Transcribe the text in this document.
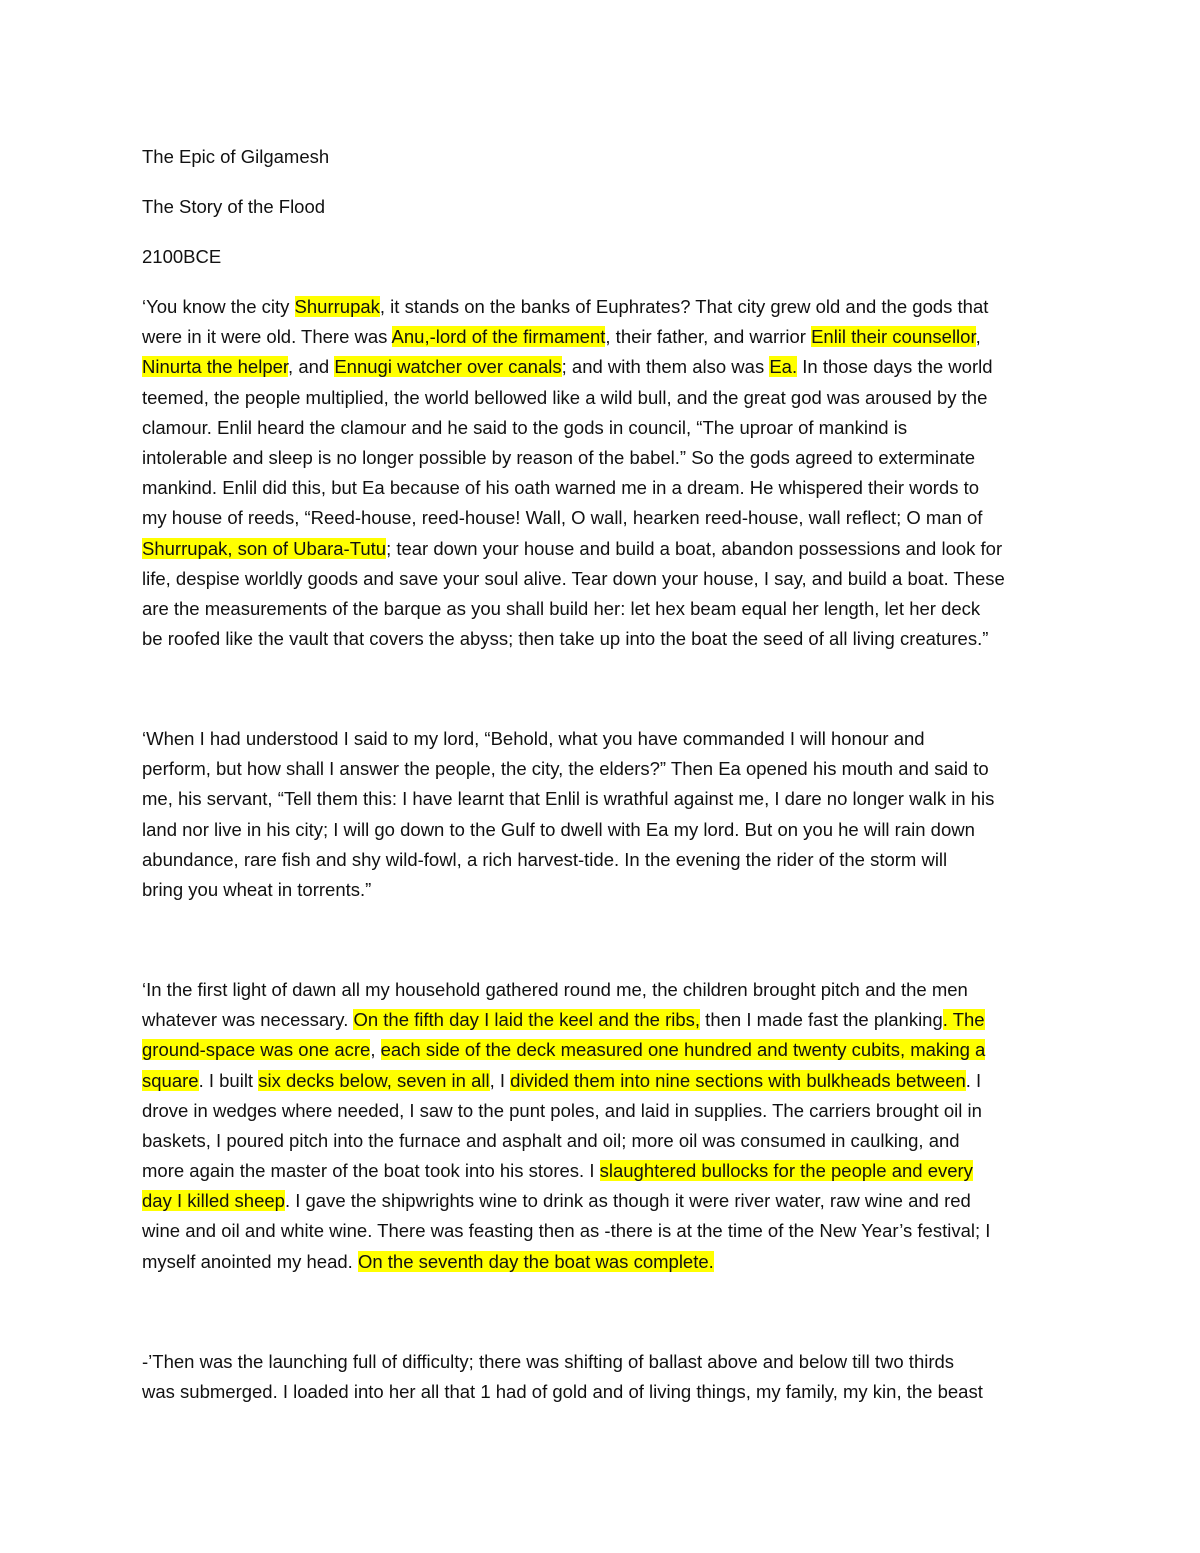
The Epic of Gilgamesh
The Story of the Flood
2100BCE
‘You know the city Shurrupak, it stands on the banks of Euphrates? That city grew old and the gods that
were in it were old. There was Anu,-lord of the firmament, their father, and warrior Enlil their counsellor,
Ninurta the helper, and Ennugi watcher over canals; and with them also was Ea. In those days the world
teemed, the people multiplied, the world bellowed like a wild bull, and the great god was aroused by the
clamour. Enlil heard the clamour and he said to the gods in council, “The uproar of mankind is
intolerable and sleep is no longer possible by reason of the babel.” So the gods agreed to exterminate
mankind. Enlil did this, but Ea because of his oath warned me in a dream. He whispered their words to
my house of reeds, “Reed-house, reed-house! Wall, O wall, hearken reed-house, wall reflect; O man of
Shurrupak, son of Ubara-Tutu; tear down your house and build a boat, abandon possessions and look for
life, despise worldly goods and save your soul alive. Tear down your house, I say, and build a boat. These
are the measurements of the barque as you shall build her: let hex beam equal her length, let her deck
be roofed like the vault that covers the abyss; then take up into the boat the seed of all living creatures.”
‘When I had understood I said to my lord, “Behold, what you have commanded I will honour and
perform, but how shall I answer the people, the city, the elders?” Then Ea opened his mouth and said to
me, his servant, “Tell them this: I have learnt that Enlil is wrathful against me, I dare no longer walk in his
land nor live in his city; I will go down to the Gulf to dwell with Ea my lord. But on you he will rain down
abundance, rare fish and shy wild-fowl, a rich harvest-tide. In the evening the rider of the storm will
bring you wheat in torrents.”
‘In the first light of dawn all my household gathered round me, the children brought pitch and the men
whatever was necessary. On the fifth day I laid the keel and the ribs, then I made fast the planking. The
ground-space was one acre, each side of the deck measured one hundred and twenty cubits, making a
square. I built six decks below, seven in all, I divided them into nine sections with bulkheads between. I
drove in wedges where needed, I saw to the punt poles, and laid in supplies. The carriers brought oil in
baskets, I poured pitch into the furnace and asphalt and oil; more oil was consumed in caulking, and
more again the master of the boat took into his stores. I slaughtered bullocks for the people and every
day I killed sheep. I gave the shipwrights wine to drink as though it were river water, raw wine and red
wine and oil and white wine. There was feasting then as -there is at the time of the New Year’s festival; I
myself anointed my head. On the seventh day the boat was complete.
-’Then was the launching full of difficulty; there was shifting of ballast above and below till two thirds
was submerged. I loaded into her all that 1 had of gold and of living things, my family, my kin, the beast
